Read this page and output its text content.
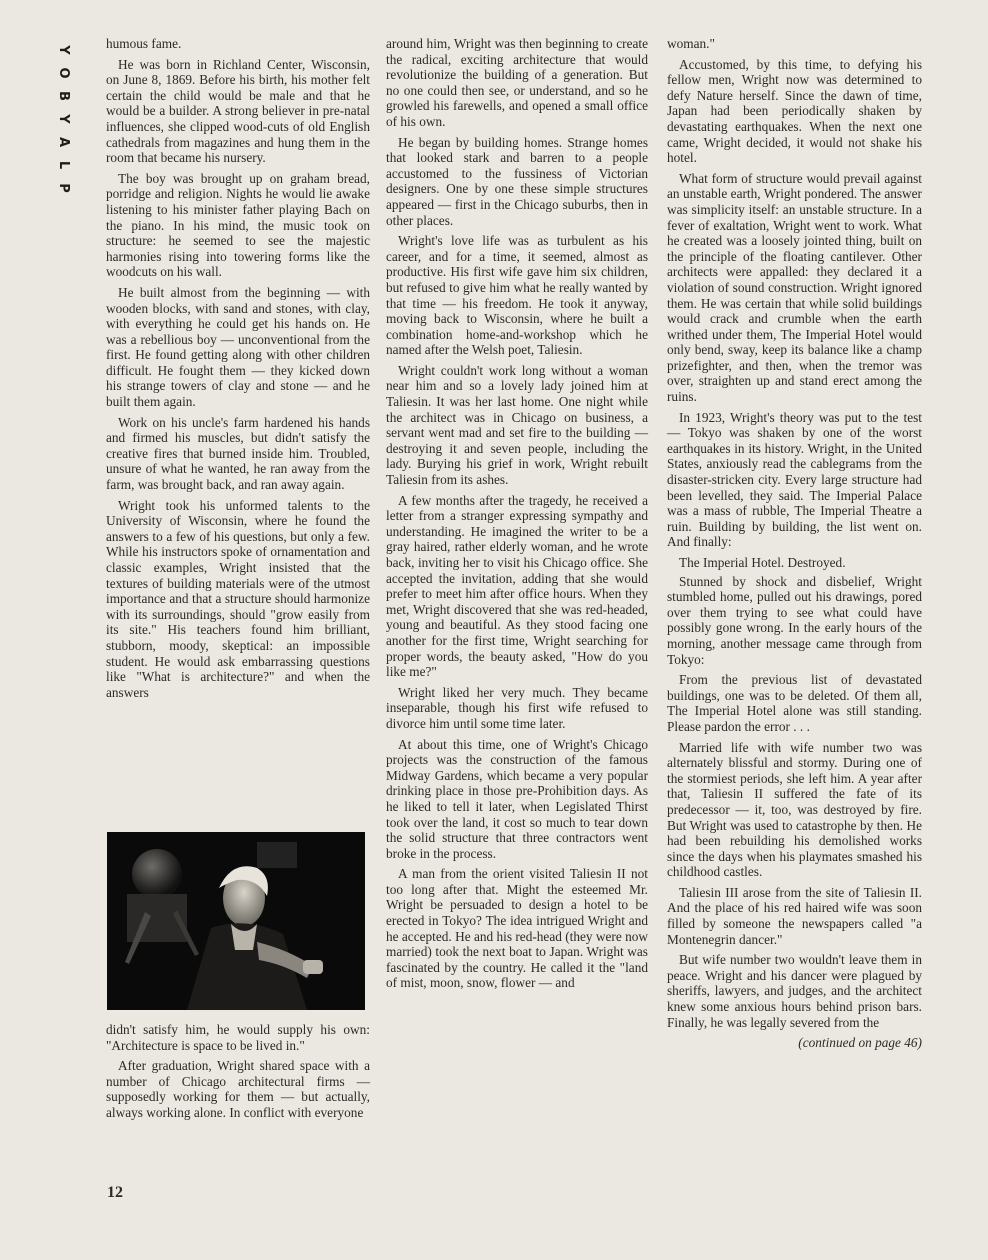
Y
O
B
Y
A
L
P

humous fame.

He was born in Richland Center, Wisconsin, on June 8, 1869. Before his birth, his mother felt certain the child would be male and that he would be a builder. A strong believer in pre-natal influences, she clipped wood-cuts of old English cathedrals from magazines and hung them in the room that became his nursery.

The boy was brought up on graham bread, porridge and religion. Nights he would lie awake listening to his minister father playing Bach on the piano. In his mind, the music took on structure: he seemed to see the majestic harmonies rising into towering forms like the woodcuts on his wall.

He built almost from the beginning — with wooden blocks, with sand and stones, with clay, with everything he could get his hands on. He was a rebellious boy — unconventional from the first. He found getting along with other children difficult. He fought them — they kicked down his strange towers of clay and stone — and he built them again.

Work on his uncle's farm hardened his hands and firmed his muscles, but didn't satisfy the creative fires that burned inside him. Troubled, unsure of what he wanted, he ran away from the farm, was brought back, and ran away again.

Wright took his unformed talents to the University of Wisconsin, where he found the answers to a few of his questions, but only a few. While his instructors spoke of ornamentation and classic examples, Wright insisted that the textures of building materials were of the utmost importance and that a structure should harmonize with its surroundings, should "grow easily from its site." His teachers found him brilliant, stubborn, moody, skeptical: an impossible student. He would ask embarrassing questions like "What is architecture?" and when the answers

didn't satisfy him, he would supply his own: "Architecture is space to be lived in."

After graduation, Wright shared space with a number of Chicago architectural firms — supposedly working for them — but actually, always working alone. In conflict with everyone

around him, Wright was then beginning to create the radical, exciting architecture that would revolutionize the building of a generation. But no one could then see, or understand, and so he growled his farewells, and opened a small office of his own.

He began by building homes. Strange homes that looked stark and barren to a people accustomed to the fussiness of Victorian designers. One by one these simple structures appeared — first in the Chicago suburbs, then in other places.

Wright's love life was as turbulent as his career, and for a time, it seemed, almost as productive. His first wife gave him six children, but refused to give him what he really wanted by that time — his freedom. He took it anyway, moving back to Wisconsin, where he built a combination home-and-workshop which he named after the Welsh poet, Taliesin.

Wright couldn't work long without a woman near him and so a lovely lady joined him at Taliesin. It was her last home. One night while the architect was in Chicago on business, a servant went mad and set fire to the building — destroying it and seven people, including the lady. Burying his grief in work, Wright rebuilt Taliesin from its ashes.

A few months after the tragedy, he received a letter from a stranger expressing sympathy and understanding. He imagined the writer to be a gray haired, rather elderly woman, and he wrote back, inviting her to visit his Chicago office. She accepted the invitation, adding that she would prefer to meet him after office hours. When they met, Wright discovered that she was red-headed, young and beautiful. As they stood facing one another for the first time, Wright searching for proper words, the beauty asked, "How do you like me?"

Wright liked her very much. They became inseparable, though his first wife refused to divorce him until some time later.

At about this time, one of Wright's Chicago projects was the construction of the famous Midway Gardens, which became a very popular drinking place in those pre-Prohibition days. As he liked to tell it later, when Legislated Thirst took over the land, it cost so much to tear down the solid structure that three contractors went broke in the process.

A man from the orient visited Taliesin II not too long after that. Might the esteemed Mr. Wright be persuaded to design a hotel to be erected in Tokyo? The idea intrigued Wright and he accepted. He and his red-head (they were now married) took the next boat to Japan. Wright was fascinated by the country. He called it the "land of mist, moon, snow, flower — and

woman."

Accustomed, by this time, to defying his fellow men, Wright now was determined to defy Nature herself. Since the dawn of time, Japan had been periodically shaken by devastating earthquakes. When the next one came, Wright decided, it would not shake his hotel.

What form of structure would prevail against an unstable earth, Wright pondered. The answer was simplicity itself: an unstable structure. In a fever of exaltation, Wright went to work. What he created was a loosely jointed thing, built on the principle of the floating cantilever. Other architects were appalled: they declared it a violation of sound construction. Wright ignored them. He was certain that while solid buildings would crack and crumble when the earth writhed under them, The Imperial Hotel would only bend, sway, keep its balance like a champ prizefighter, and then, when the tremor was over, straighten up and stand erect among the ruins.

In 1923, Wright's theory was put to the test — Tokyo was shaken by one of the worst earthquakes in its history. Wright, in the United States, anxiously read the cablegrams from the disaster-stricken city. Every large structure had been levelled, they said. The Imperial Palace was a mass of rubble, The Imperial Theatre a ruin. Building by building, the list went on. And finally:

The Imperial Hotel. Destroyed.

Stunned by shock and disbelief, Wright stumbled home, pulled out his drawings, pored over them trying to see what could have possibly gone wrong. In the early hours of the morning, another message came through from Tokyo:

From the previous list of devastated buildings, one was to be deleted. Of them all, The Imperial Hotel alone was still standing. Please pardon the error . . .

Married life with wife number two was alternately blissful and stormy. During one of the stormiest periods, she left him. A year after that, Taliesin II suffered the fate of its predecessor — it, too, was destroyed by fire. But Wright was used to catastrophe by then. He had been rebuilding his demolished works since the days when his playmates smashed his childhood castles.

Taliesin III arose from the site of Taliesin II. And the place of his red haired wife was soon filled by someone the newspapers called "a Montenegrin dancer."

But wife number two wouldn't leave them in peace. Wright and his dancer were plagued by sheriffs, lawyers, and judges, and the architect knew some anxious hours behind prison bars. Finally, he was legally severed from the

(continued on page 46)

12
